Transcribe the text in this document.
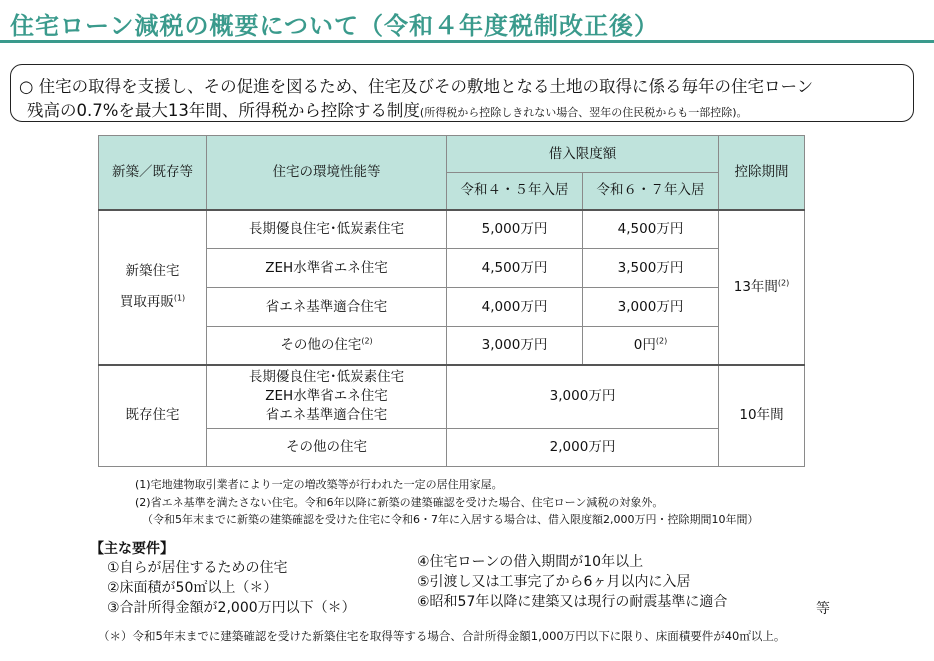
住宅ローン減税の概要について（令和４年度税制改正後）
○ 住宅の取得を支援し、その促進を図るため、住宅及びその敷地となる土地の取得に係る毎年の住宅ローン
残高の0.7%を最大13年間、所得税から控除する制度(所得税から控除しきれない場合、翌年の住民税からも一部控除)。
新築／既存等	住宅の環境性能等	借入限度額		控除期間
		令和４・５年入居	令和６・７年入居	

新築住宅
買取再販$^{(1)}$	長期優良住宅･低炭素住宅	5,000万円	4,500万円	13年間$^{(2)}$
	ZEH水準省エネ住宅	4,500万円	3,500万円	
	省エネ基準適合住宅	4,000万円	3,000万円	
	その他の住宅$^{(2)}$	3,000万円	0円$^{(2)}$
既存住宅	長期優良住宅･低炭素住宅
ZEH水準省エネ住宅
省エネ基準適合住宅	3,000万円		10年間
	その他の住宅	2,000万円		
(1)宅地建物取引業者により一定の増改築等が行われた一定の居住用家屋。
(2)省エネ基準を満たさない住宅。令和6年以降に新築の建築確認を受けた場合、住宅ローン減税の対象外。
（令和5年末までに新築の建築確認を受けた住宅に令和6・7年に入居する場合は、借入限度額2,000万円・控除期間10年間）
【主な要件】
①自らが居住するための住宅
②床面積が50㎡以上（＊）
③合計所得金額が2,000万円以下（＊）
④住宅ローンの借入期間が10年以上
⑤引渡し又は工事完了から6ヶ月以内に入居
⑥昭和57年以降に建築又は現行の耐震基準に適合	等
（＊）令和5年末までに建築確認を受けた新築住宅を取得等する場合、合計所得金額1,000万円以下に限り、床面積要件が40㎡以上。
